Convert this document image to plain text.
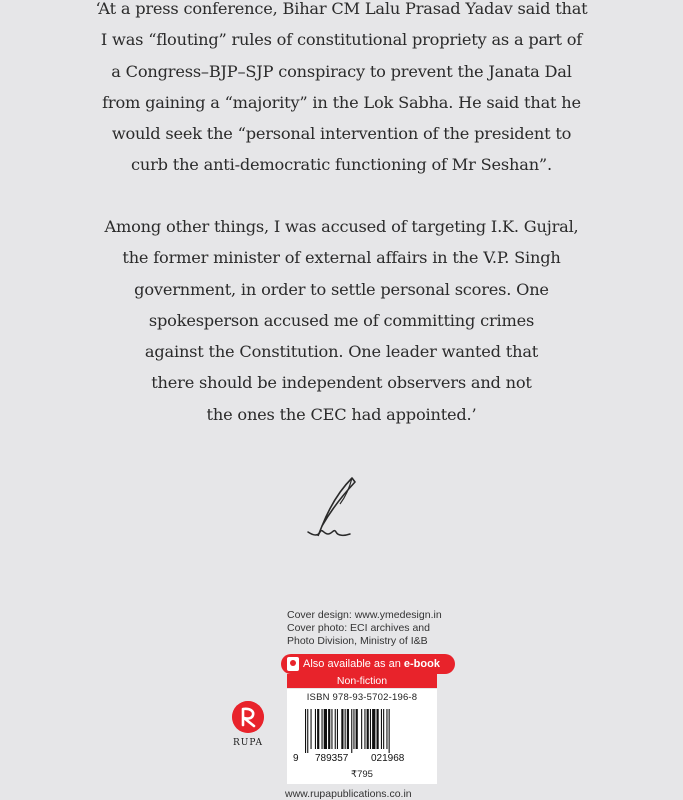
‘At a press conference, Bihar CM Lalu Prasad Yadav said that
I was “flouting” rules of constitutional propriety as a part of
a Congress–BJP–SJP conspiracy to prevent the Janata Dal
from gaining a “majority” in the Lok Sabha. He said that he
would seek the “personal intervention of the president to
curb the anti-democratic functioning of Mr Seshan”.
Among other things, I was accused of targeting I.K. Gujral,
the former minister of external affairs in the V.P. Singh
government, in order to settle personal scores. One
spokesperson accused me of committing crimes
against the Constitution. One leader wanted that
there should be independent observers and not
the ones the CEC had appointed.’
Cover design: www.ymedesign.in
Cover photo: ECI archives and
Photo Division, Ministry of I&B
Also available as an e-book
Non-fiction
ISBN 978-93-5702-196-8
9 789357 021968
₹795
RUPA
www.rupapublications.co.in
